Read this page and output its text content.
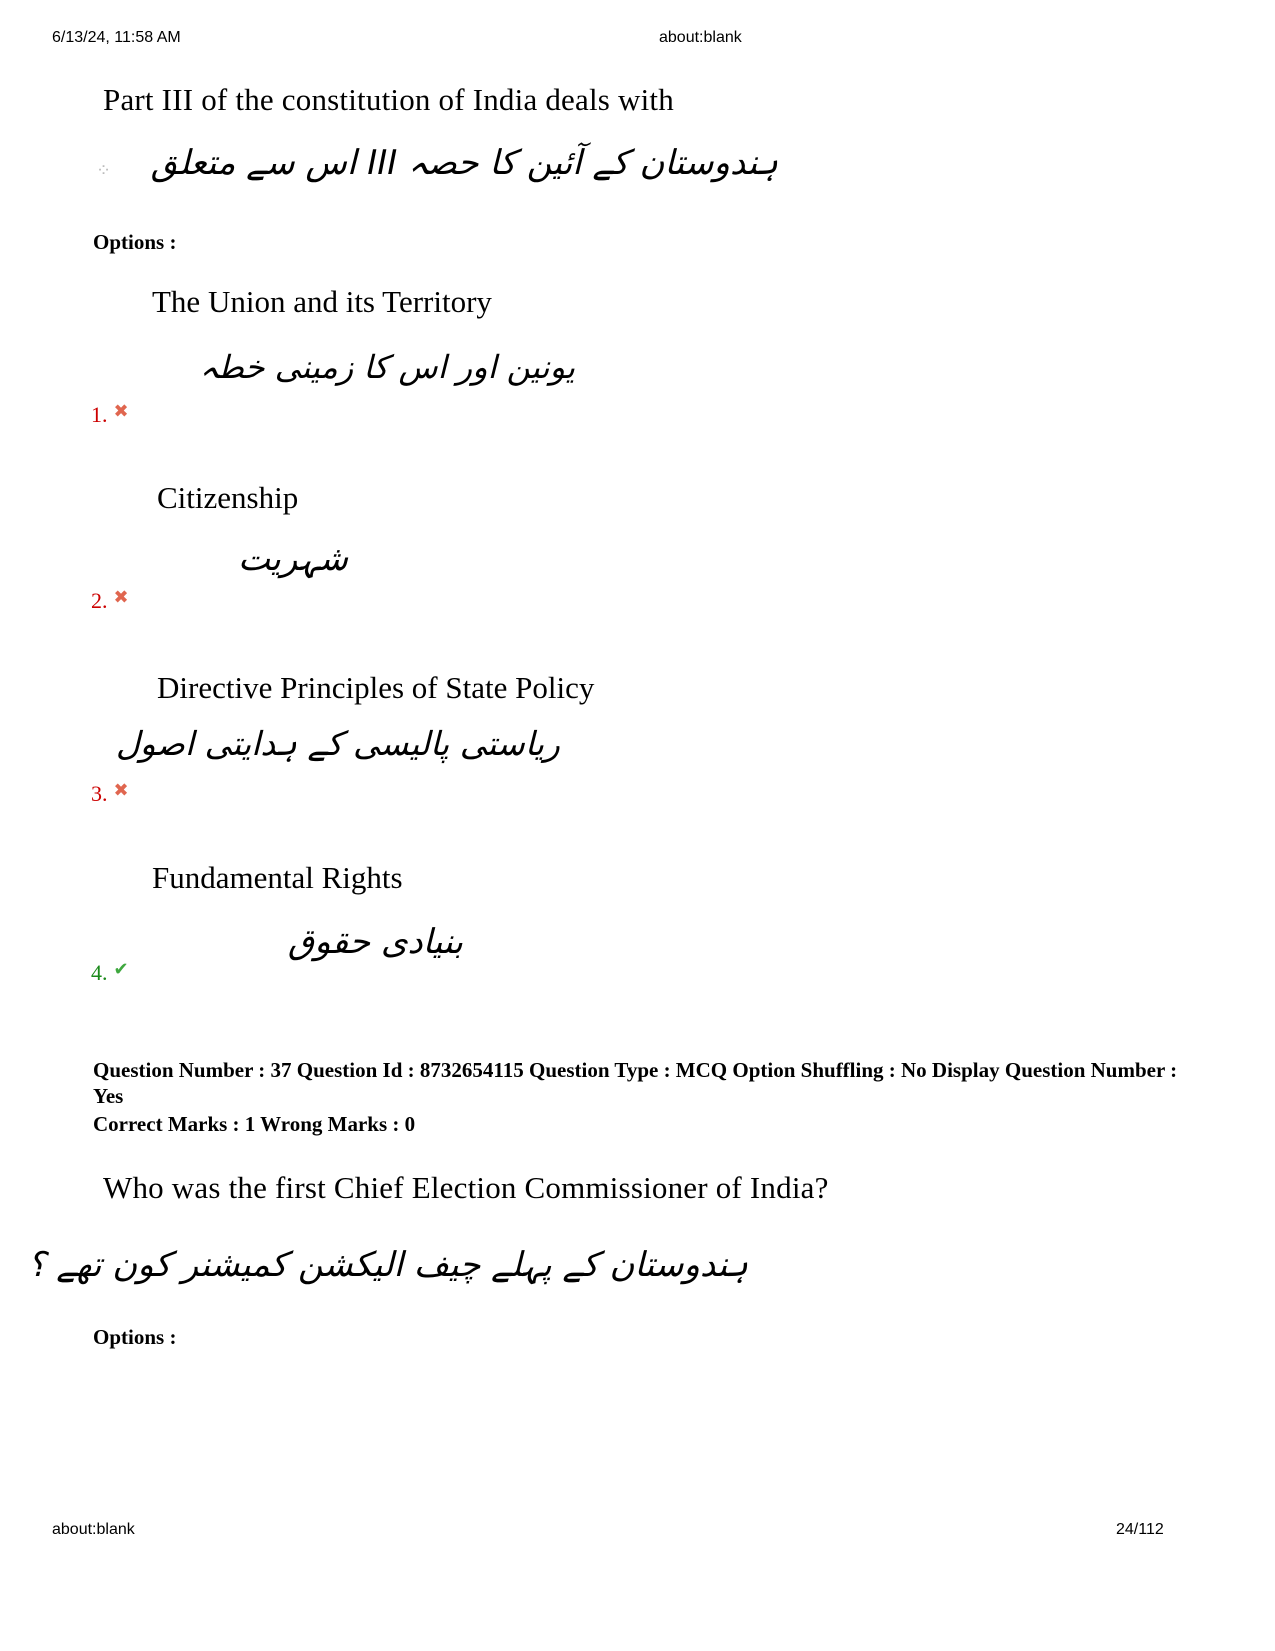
6/13/24, 11:58 AM	about:blank
Part III of the constitution of India deals with
⁘ ہندوستان کے آئین کا حصہ III اس سے متعلق
Options :
The Union and its Territory
یونین اور اس کا زمینی خطہ
1. ✖
Citizenship
شہریت
2. ✖
Directive Principles of State Policy
ریاستی پالیسی کے ہدایتی اصول
3. ✖
Fundamental Rights
بنیادی حقوق
4. ✔
Question Number : 37 Question Id : 8732654115 Question Type : MCQ Option Shuffling : No Display Question Number : Yes
Correct Marks : 1 Wrong Marks : 0
Who was the first Chief Election Commissioner of India?
ہندوستان کے پہلے چیف الیکشن کمیشنر کون تھے ؟
Options :
about:blank	24/112
